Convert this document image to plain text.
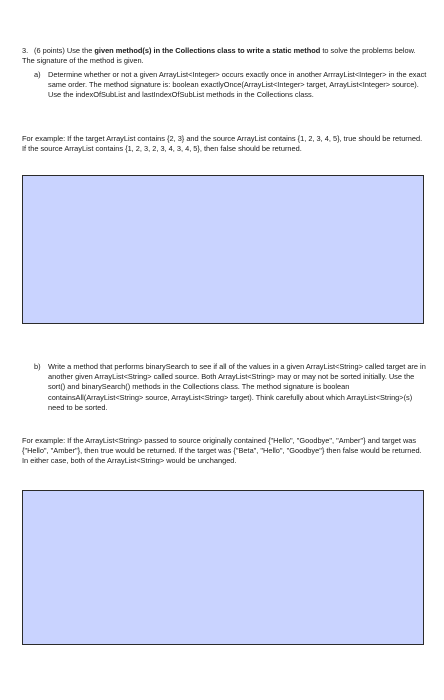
3. (6 points) Use the given method(s) in the Collections class to write a static method to solve the problems below. The signature of the method is given.
a) Determine whether or not a given ArrayList<Integer> occurs exactly once in another ArrrayList<Integer> in the exact same order. The method signature is: boolean exactlyOnce(ArrayList<Integer> target, ArrayList<Integer> source). Use the indexOfSubList and lastIndexOfSubList methods in the Collections class.
For example: If the target ArrayList contains {2, 3} and the source ArrayList contains {1, 2, 3, 4, 5}, true should be returned. If the source ArrayList contains {1, 2, 3, 2, 3, 4, 3, 4, 5}, then false should be returned.
b) Write a method that performs binarySearch to see if all of the values in a given ArrayList<String> called target are in another given ArrayList<String> called source. Both ArrayList<String> may or may not be sorted initially. Use the sort() and binarySearch() methods in the Collections class. The method signature is boolean containsAll(ArrayList<String> source, ArrayList<String> target). Think carefully about which ArrayList<String>(s) need to be sorted.
For example: If the ArrayList<String> passed to source originally contained {"Hello", "Goodbye", "Amber"} and target was {"Hello", "Amber"}, then true would be returned. If the target was {"Beta", "Hello", "Goodbye"} then false would be returned. In either case, both of the ArrayList<String> would be unchanged.
